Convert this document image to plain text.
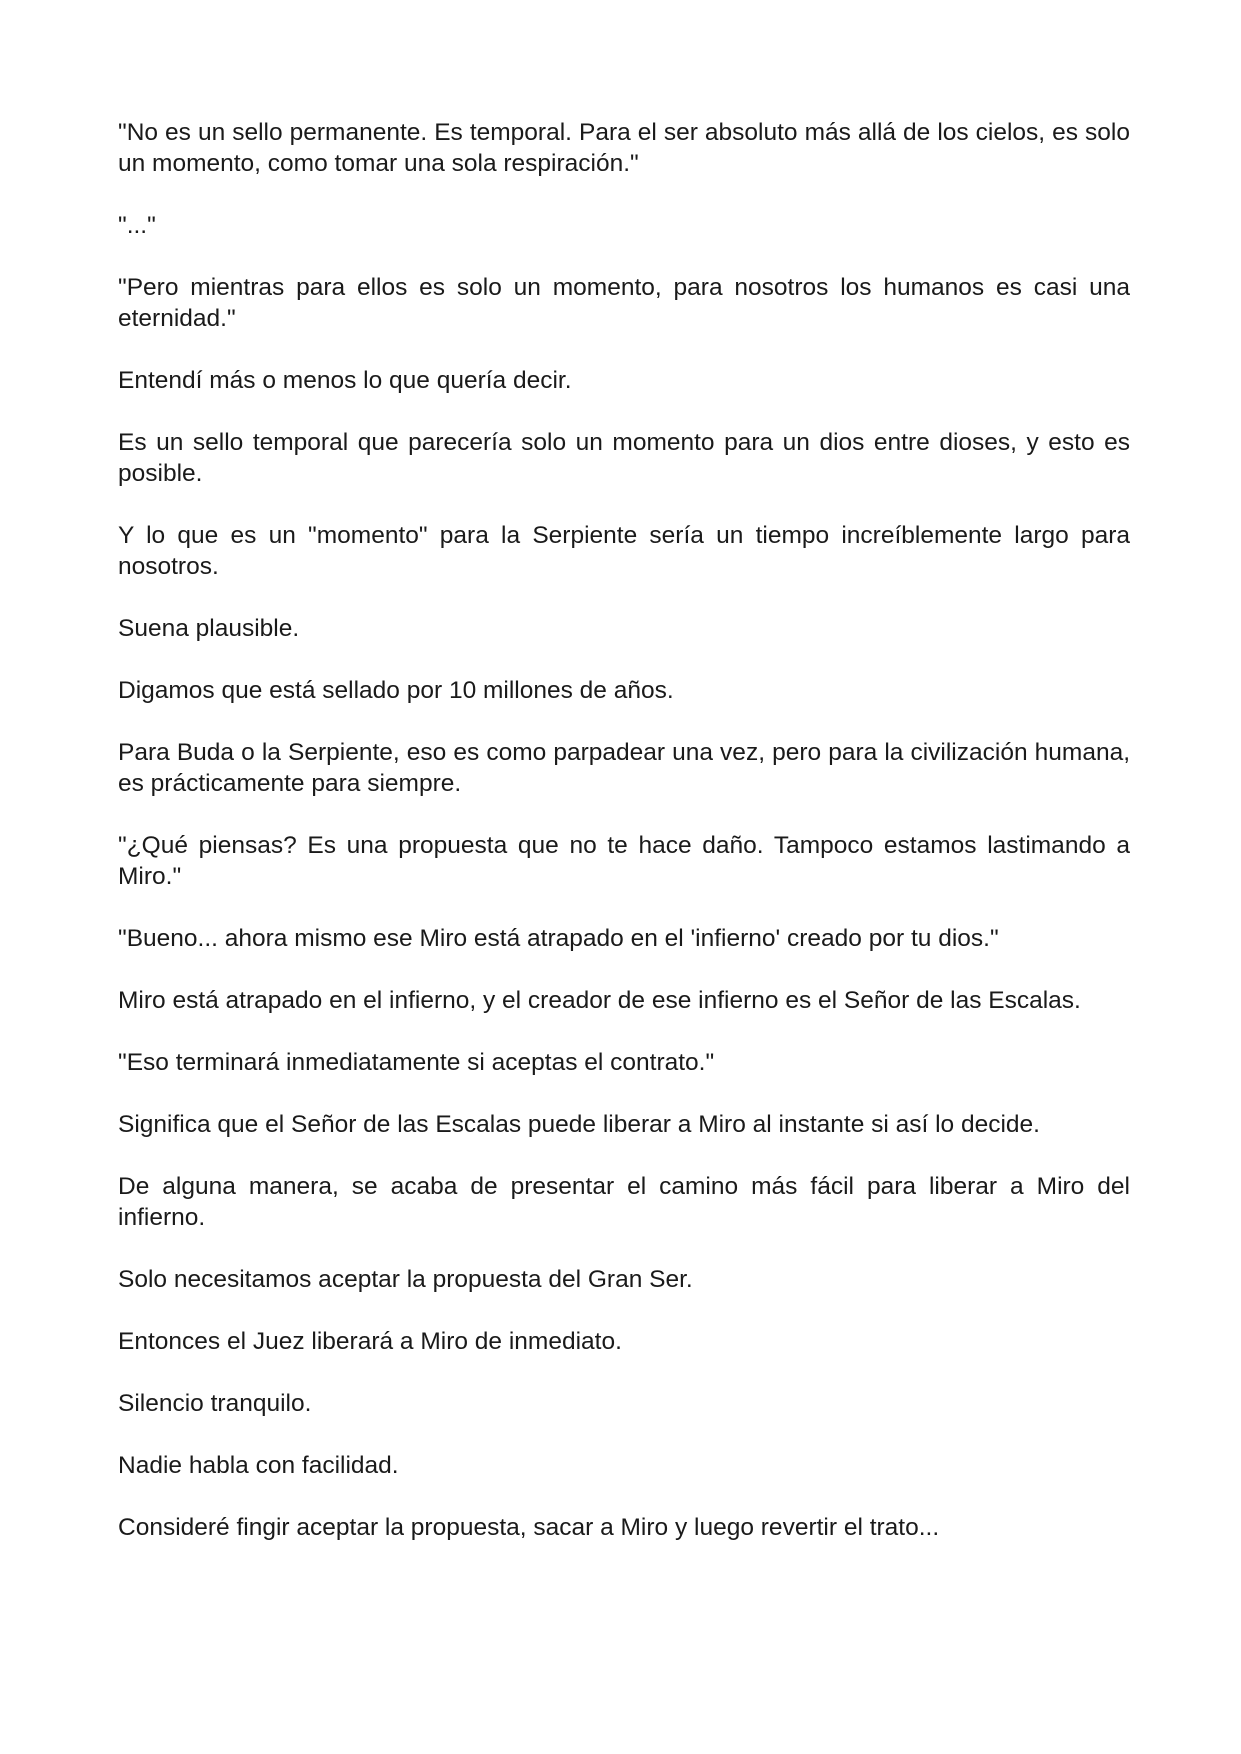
"No es un sello permanente. Es temporal. Para el ser absoluto más allá de los cielos, es solo un momento, como tomar una sola respiración."

"..."

"Pero mientras para ellos es solo un momento, para nosotros los humanos es casi una eternidad."

Entendí más o menos lo que quería decir.

Es un sello temporal que parecería solo un momento para un dios entre dioses, y esto es posible.

Y lo que es un "momento" para la Serpiente sería un tiempo increíblemente largo para nosotros.

Suena plausible.

Digamos que está sellado por 10 millones de años.

Para Buda o la Serpiente, eso es como parpadear una vez, pero para la civilización humana, es prácticamente para siempre.

"¿Qué piensas? Es una propuesta que no te hace daño. Tampoco estamos lastimando a Miro."

"Bueno... ahora mismo ese Miro está atrapado en el 'infierno' creado por tu dios."

Miro está atrapado en el infierno, y el creador de ese infierno es el Señor de las Escalas.

"Eso terminará inmediatamente si aceptas el contrato."

Significa que el Señor de las Escalas puede liberar a Miro al instante si así lo decide.

De alguna manera, se acaba de presentar el camino más fácil para liberar a Miro del infierno.

Solo necesitamos aceptar la propuesta del Gran Ser.

Entonces el Juez liberará a Miro de inmediato.

Silencio tranquilo.

Nadie habla con facilidad.

Consideré fingir aceptar la propuesta, sacar a Miro y luego revertir el trato...
